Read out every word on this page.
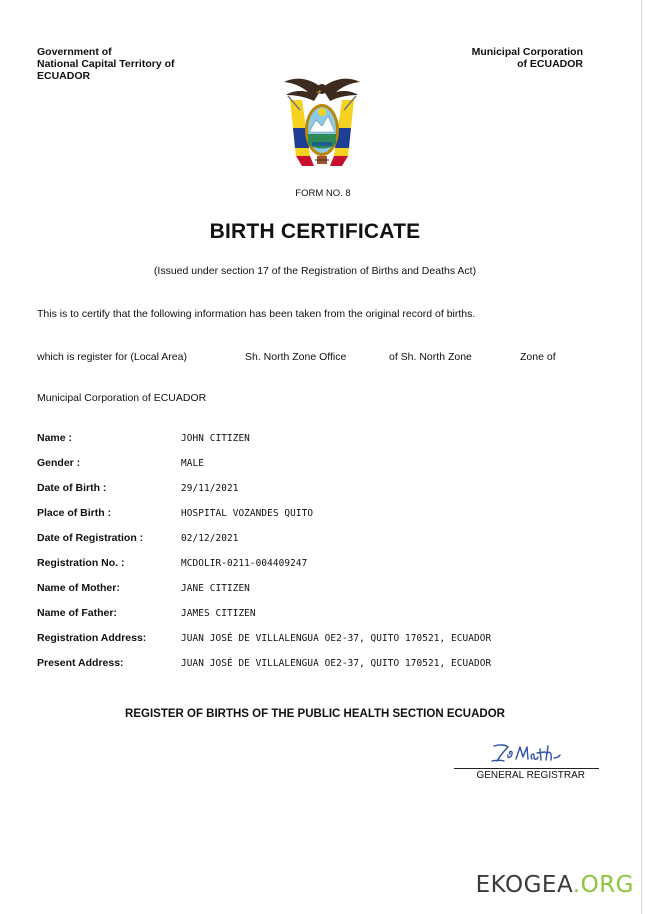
Government of
National Capital Territory of
ECUADOR
Municipal Corporation
of ECUADOR
FORM NO. 8
BIRTH CERTIFICATE
(Issued under section 17 of the Registration of Births and Deaths Act)
This is to certify that the following information has been taken from the original record of births.
which is register for (Local Area)	Sh. North Zone Office	of Sh. North Zone	Zone of
Municipal Corporation of ECUADOR
Name :	JOHN CITIZEN
Gender :	MALE
Date of Birth :	29/11/2021
Place of Birth :	HOSPITAL VOZANDES QUITO
Date of Registration :	02/12/2021
Registration No. :	MCDOLIR-0211-004409247
Name of Mother:	JANE CITIZEN
Name of Father:	JAMES CITIZEN
Registration Address:	JUAN JOSÉ DE VILLALENGUA OE2-37, QUITO 170521, ECUADOR
Present Address:	JUAN JOSÉ DE VILLALENGUA OE2-37, QUITO 170521, ECUADOR
REGISTER OF BIRTHS OF THE PUBLIC HEALTH SECTION ECUADOR
GENERAL REGISTRAR
EKOGEA.ORG
